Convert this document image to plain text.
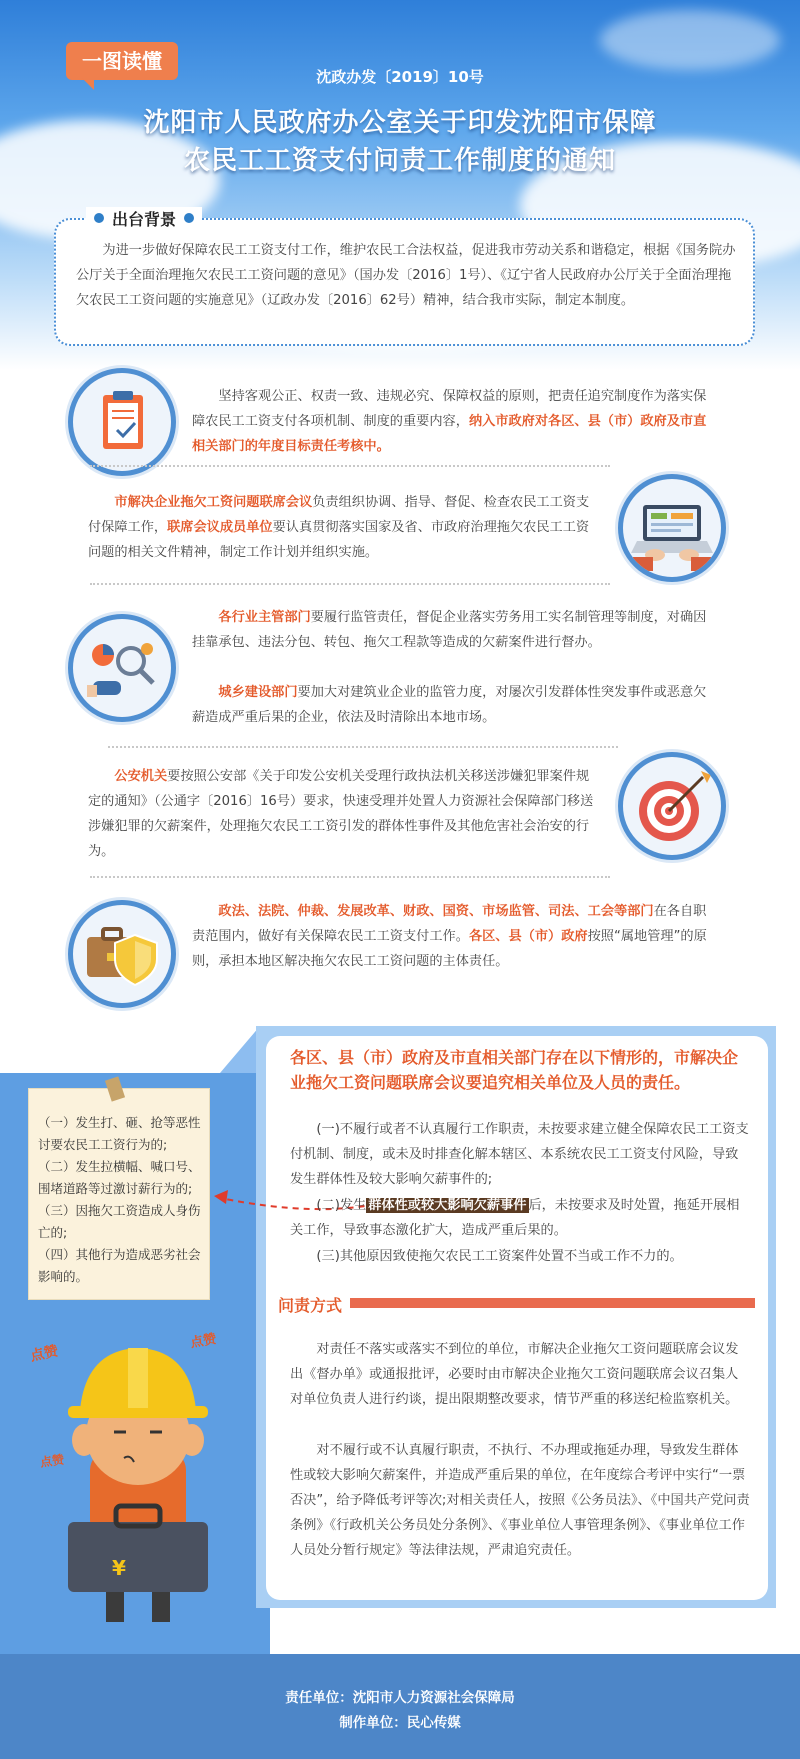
一图读懂
沈政办发〔2019〕10号
沈阳市人民政府办公室关于印发沈阳市保障
农民工工资支付问责工作制度的通知
出台背景
为进一步做好保障农民工工资支付工作，维护农民工合法权益，促进我市劳动关系和谐稳定，根据《国务院办公厅关于全面治理拖欠农民工工资问题的意见》（国办发〔2016〕1号）、《辽宁省人民政府办公厅关于全面治理拖欠农民工工资问题的实施意见》（辽政办发〔2016〕62号）精神，结合我市实际，制定本制度。
坚持客观公正、权责一致、违规必究、保障权益的原则，把责任追究制度作为落实保障农民工工资支付各项机制、制度的重要内容，纳入市政府对各区、县（市）政府及市直相关部门的年度目标责任考核中。
市解决企业拖欠工资问题联席会议负责组织协调、指导、督促、检查农民工工资支付保障工作，联席会议成员单位要认真贯彻落实国家及省、市政府治理拖欠农民工工资问题的相关文件精神，制定工作计划并组织实施。
各行业主管部门要履行监管责任，督促企业落实劳务用工实名制管理等制度，对确因挂靠承包、违法分包、转包、拖欠工程款等造成的欠薪案件进行督办。
城乡建设部门要加大对建筑业企业的监管力度，对屡次引发群体性突发事件或恶意欠薪造成严重后果的企业，依法及时清除出本地市场。
公安机关要按照公安部《关于印发公安机关受理行政执法机关移送涉嫌犯罪案件规定的通知》（公通字〔2016〕16号）要求，快速受理并处置人力资源社会保障部门移送涉嫌犯罪的欠薪案件，处理拖欠农民工工资引发的群体性事件及其他危害社会治安的行为。
政法、法院、仲裁、发展改革、财政、国资、市场监管、司法、工会等部门在各自职责范围内，做好有关保障农民工工资支付工作。各区、县（市）政府按照“属地管理”的原则，承担本地区解决拖欠农民工工资问题的主体责任。
（一）发生打、砸、抢等恶性讨要农民工工资行为的;
（二）发生拉横幅、喊口号、围堵道路等过激讨薪行为的;
（三）因拖欠工资造成人身伤亡的;
（四）其他行为造成恶劣社会影响的。
各区、县（市）政府及市直相关部门存在以下情形的，市解决企业拖欠工资问题联席会议要追究相关单位及人员的责任。
(一)不履行或者不认真履行工作职责，未按要求建立健全保障农民工工资支付机制、制度，或未及时排查化解本辖区、本系统农民工工资支付风险，导致发生群体性及较大影响欠薪事件的;
(二)发生 群体性或较大影响欠薪事件 后，未按要求及时处置，拖延开展相关工作，导致事态激化扩大，造成严重后果的。
(三)其他原因致使拖欠农民工工资案件处置不当或工作不力的。
问责方式
对责任不落实或落实不到位的单位，市解决企业拖欠工资问题联席会议发出《督办单》或通报批评，必要时由市解决企业拖欠工资问题联席会议召集人对单位负责人进行约谈，提出限期整改要求，情节严重的移送纪检监察机关。
对不履行或不认真履行职责，不执行、不办理或拖延办理，导致发生群体性或较大影响欠薪案件，并造成严重后果的单位，在年度综合考评中实行“一票否决”，给予降低考评等次;对相关责任人，按照《公务员法》、《中国共产党问责条例》《行政机关公务员处分条例》、《事业单位人事管理条例》、《事业单位工作人员处分暂行规定》等法律法规，严肃追究责任。
¥
点赞
点赞
点赞
责任单位：沈阳市人力资源社会保障局
制作单位：民心传媒
